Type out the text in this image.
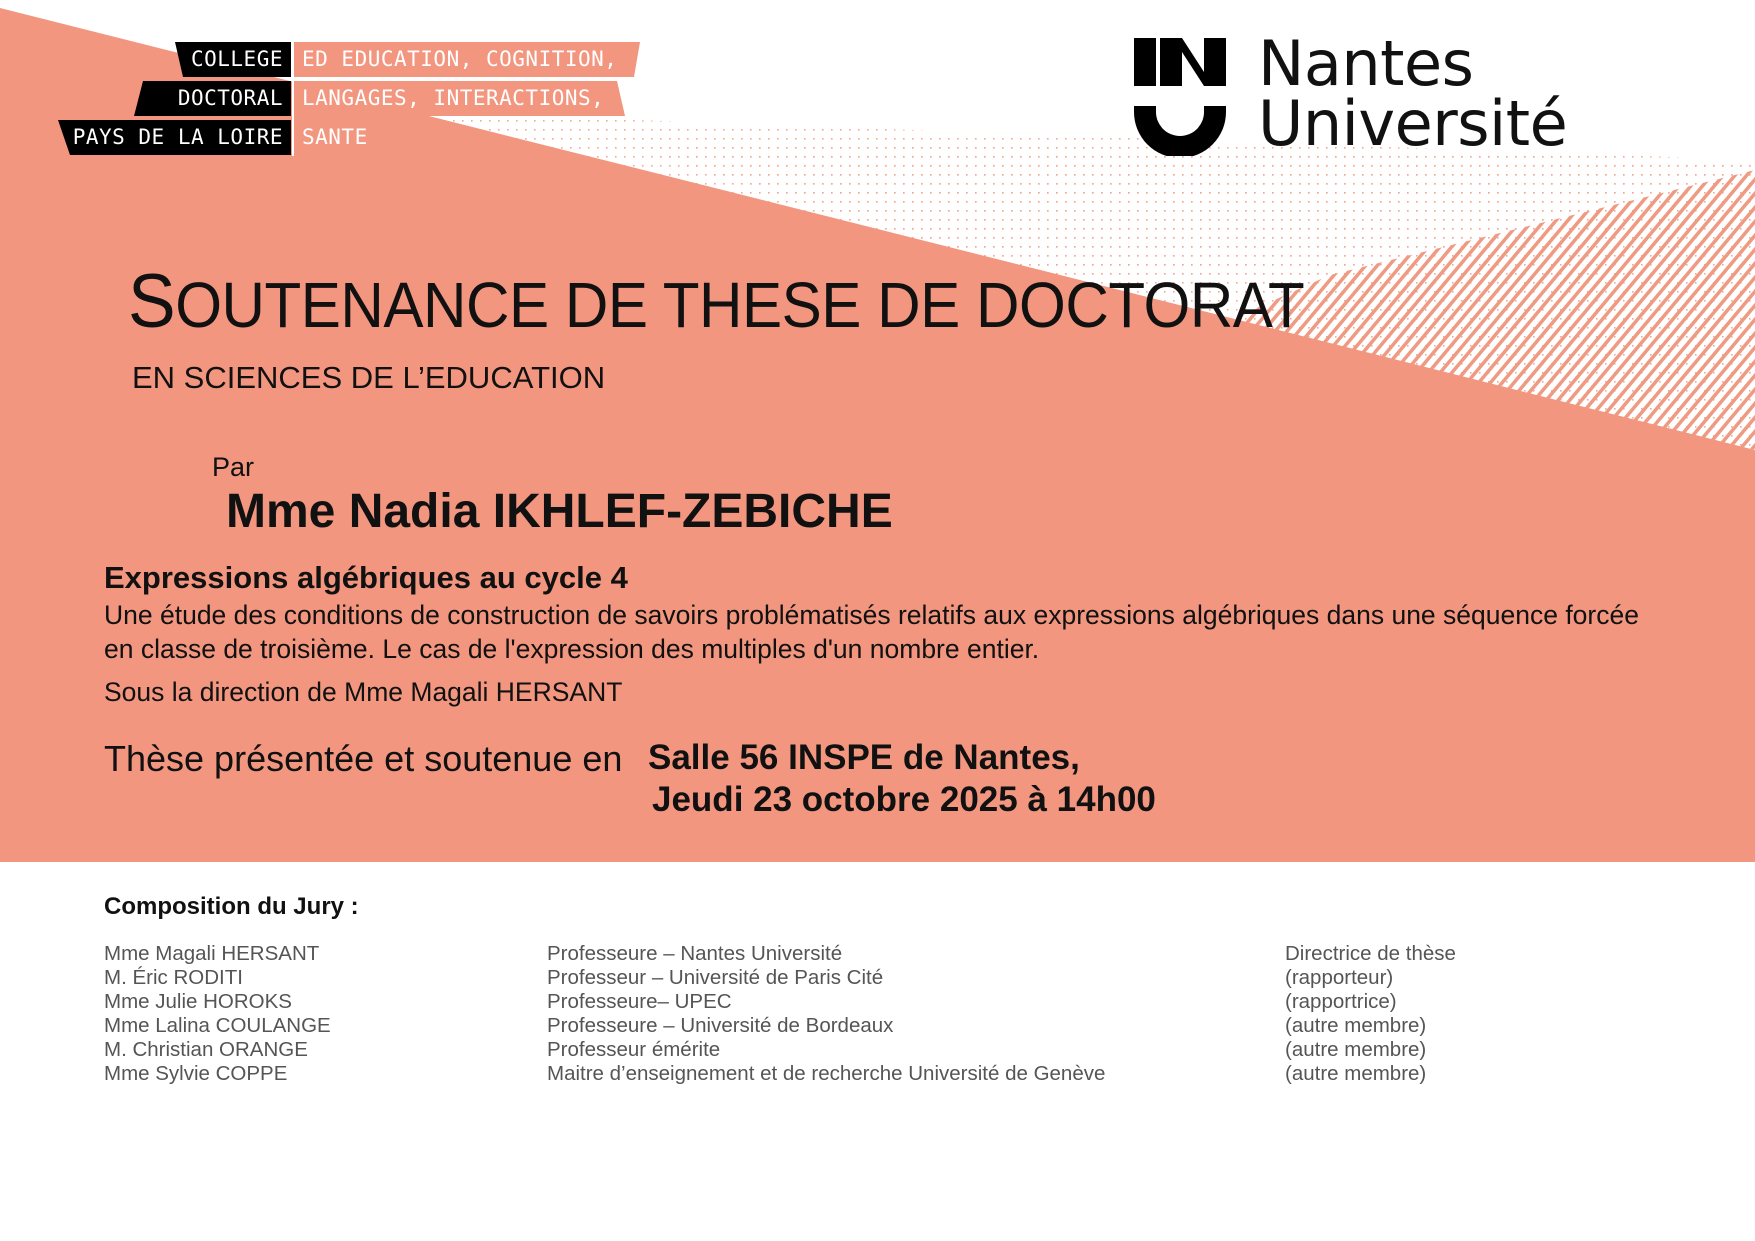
COLLEGE
DOCTORAL
PAYS DE LA LOIRE
ED EDUCATION, COGNITION,
LANGAGES, INTERACTIONS,
SANTE
Nantes
Université
SOUTENANCE DE THESE DE DOCTORAT
EN SCIENCES DE L’EDUCATION
Par
Mme Nadia IKHLEF-ZEBICHE
Expressions algébriques au cycle 4
Une étude des conditions de construction de savoirs problématisés relatifs aux expressions algébriques dans une séquence forcée en classe de troisième. Le cas de l'expression des multiples d'un nombre entier.
Sous la direction de Mme Magali HERSANT
Thèse présentée et soutenue en Salle 56 INSPE de Nantes,
Jeudi 23 octobre 2025 à 14h00
Composition du Jury :
Mme Magali HERSANT	Professeure – Nantes Université	Directrice de thèse
M. Éric RODITI	Professeur – Université de Paris Cité	(rapporteur)
Mme Julie HOROKS	Professeure– UPEC	(rapportrice)
Mme Lalina COULANGE	Professeure – Université de Bordeaux	(autre membre)
M. Christian ORANGE	Professeur émérite	(autre membre)
Mme Sylvie COPPE	Maitre d’enseignement et de recherche Université de Genève	(autre membre)
